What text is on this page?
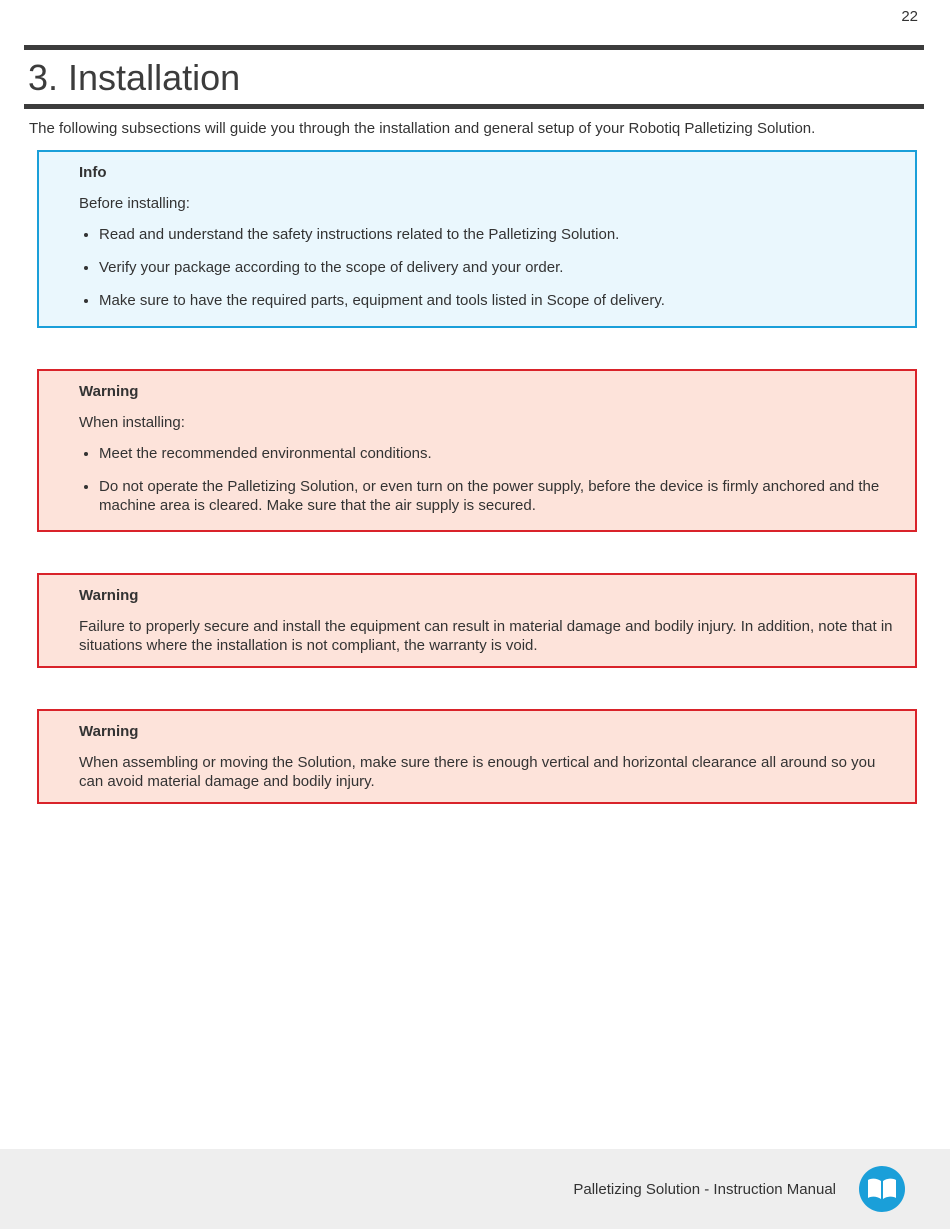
22
3. Installation

The following subsections will guide you through the installation and general setup of your Robotiq Palletizing Solution.

Info
Before installing:
• Read and understand the safety instructions related to the Palletizing Solution.
• Verify your package according to the scope of delivery and your order.
• Make sure to have the required parts, equipment and tools listed in Scope of delivery.
Warning
When installing:
• Meet the recommended environmental conditions.
• Do not operate the Palletizing Solution, or even turn on the power supply, before the device is firmly anchored and the machine area is cleared. Make sure that the air supply is secured.
Warning
Failure to properly secure and install the equipment can result in material damage and bodily injury. In addition, note that in situations where the installation is not compliant, the warranty is void.
Warning
When assembling or moving the Solution, make sure there is enough vertical and horizontal clearance all around so you can avoid material damage and bodily injury.
Palletizing Solution - Instruction Manual
